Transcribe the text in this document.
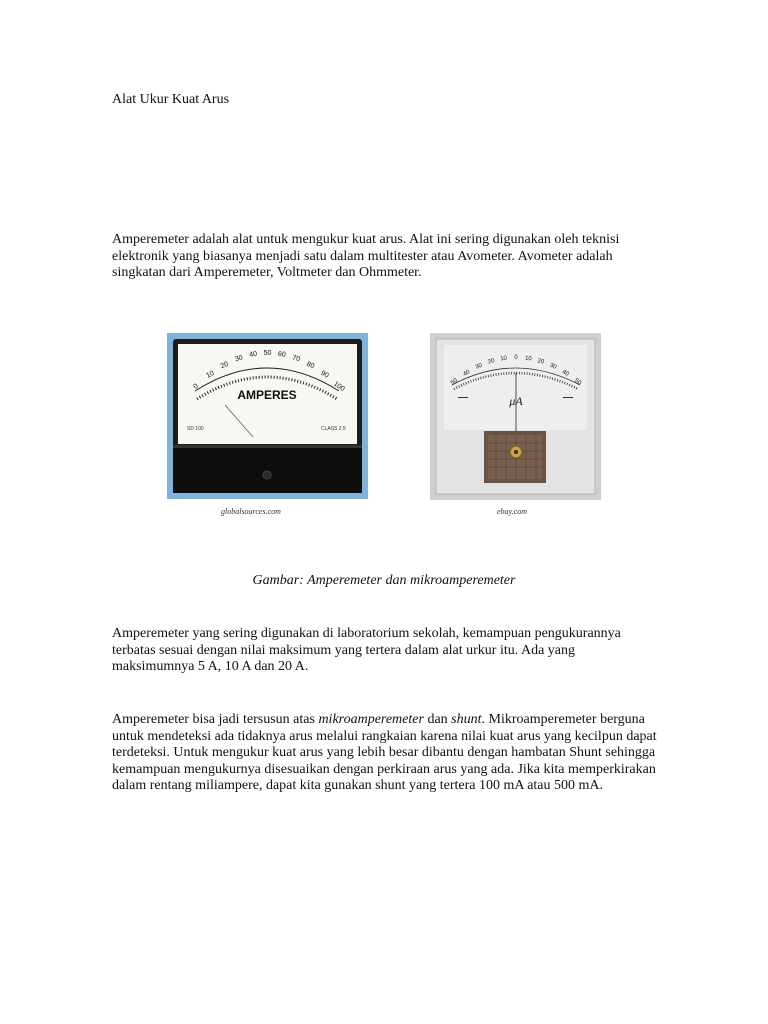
Alat Ukur Kuat Arus

Amperemeter adalah alat untuk mengukur kuat arus. Alat ini sering digunakan oleh teknisi elektronik yang biasanya menjadi satu dalam multitester atau Avometer. Avometer adalah singkatan dari Amperemeter, Voltmeter dan Ohmmeter.

0
10
20
30 40 50 60 70
80
90
100
AMPERES
SD 100	CLASS 2.5
globalsources.com
50
40
30
20 10 0 10 20
30
40
50
μA
ebay.com
Gambar: Amperemeter dan mikroamperemeter

Amperemeter yang sering digunakan di laboratorium sekolah, kemampuan pengukurannya terbatas sesuai dengan nilai maksimum yang tertera dalam alat urkur itu. Ada yang maksimumnya 5 A, 10 A dan 20 A.

Amperemeter bisa jadi tersusun atas mikroamperemeter dan shunt. Mikroamperemeter berguna untuk mendeteksi ada tidaknya arus melalui rangkaian karena nilai kuat arus yang kecilpun dapat terdeteksi. Untuk mengukur kuat arus yang lebih besar dibantu dengan hambatan Shunt sehingga kemampuan mengukurnya disesuaikan dengan perkiraan arus yang ada. Jika kita memperkirakan dalam rentang miliampere, dapat kita gunakan shunt yang tertera 100 mA atau 500 mA.
